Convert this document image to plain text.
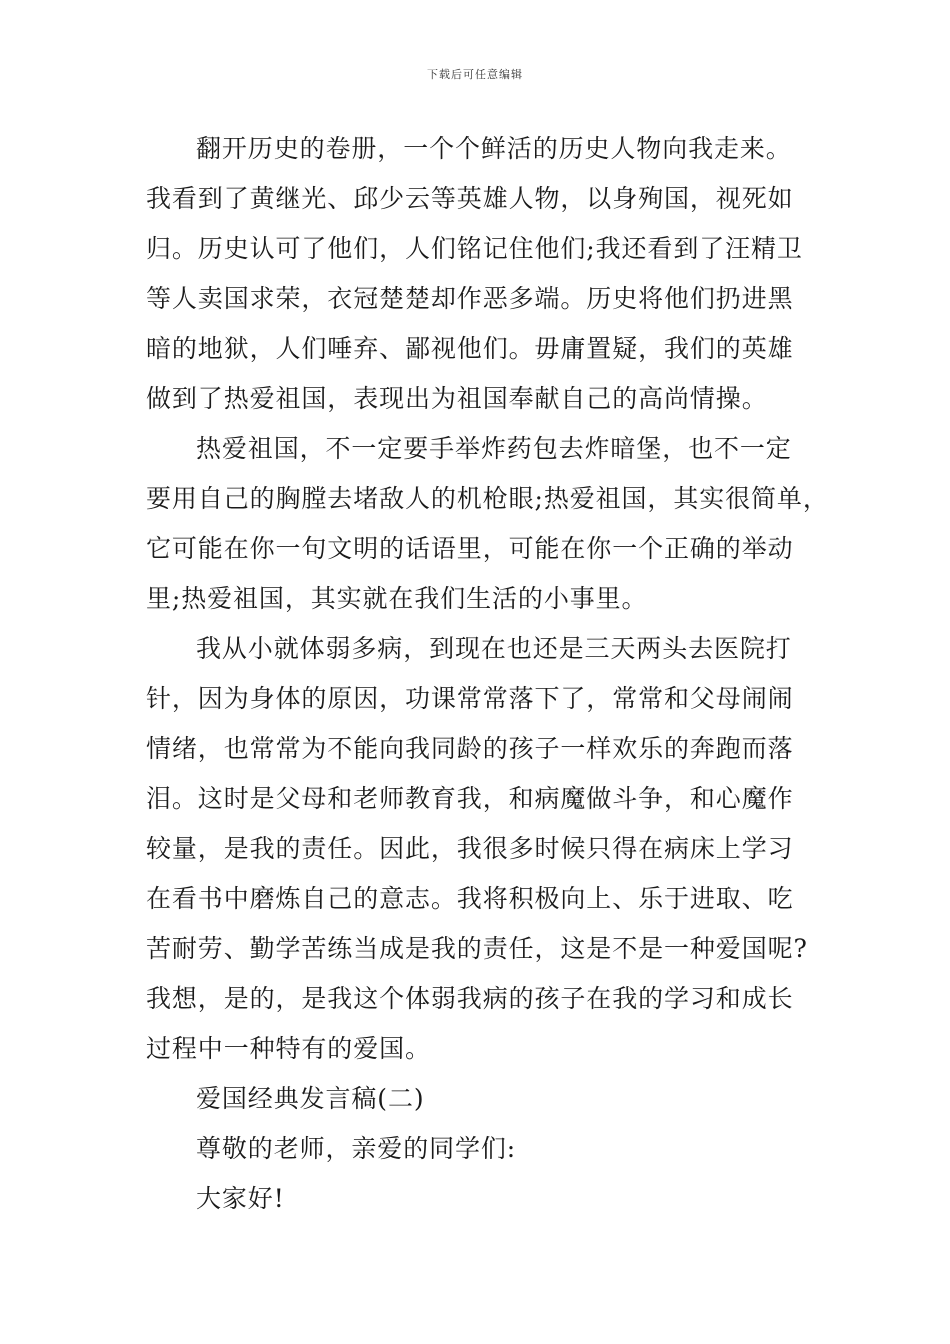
下载后可任意编辑
翻开历史的卷册，一个个鲜活的历史人物向我走来。
我看到了黄继光、邱少云等英雄人物，以身殉国，视死如
归。历史认可了他们，人们铭记住他们;我还看到了汪精卫
等人卖国求荣，衣冠楚楚却作恶多端。历史将他们扔进黑
暗的地狱，人们唾弃、鄙视他们。毋庸置疑，我们的英雄
做到了热爱祖国，表现出为祖国奉献自己的高尚情操。
热爱祖国，不一定要手举炸药包去炸暗堡，也不一定
要用自己的胸膛去堵敌人的机枪眼;热爱祖国，其实很简单，
它可能在你一句文明的话语里，可能在你一个正确的举动
里;热爱祖国，其实就在我们生活的小事里。
我从小就体弱多病，到现在也还是三天两头去医院打
针，因为身体的原因，功课常常落下了，常常和父母闹闹
情绪，也常常为不能向我同龄的孩子一样欢乐的奔跑而落
泪。这时是父母和老师教育我，和病魔做斗争，和心魔作
较量，是我的责任。因此，我很多时候只得在病床上学习
在看书中磨炼自己的意志。我将积极向上、乐于进取、吃
苦耐劳、勤学苦练当成是我的责任，这是不是一种爱国呢?
我想，是的，是我这个体弱我病的孩子在我的学习和成长
过程中一种特有的爱国。
爱国经典发言稿(二)
尊敬的老师，亲爱的同学们:
大家好!
